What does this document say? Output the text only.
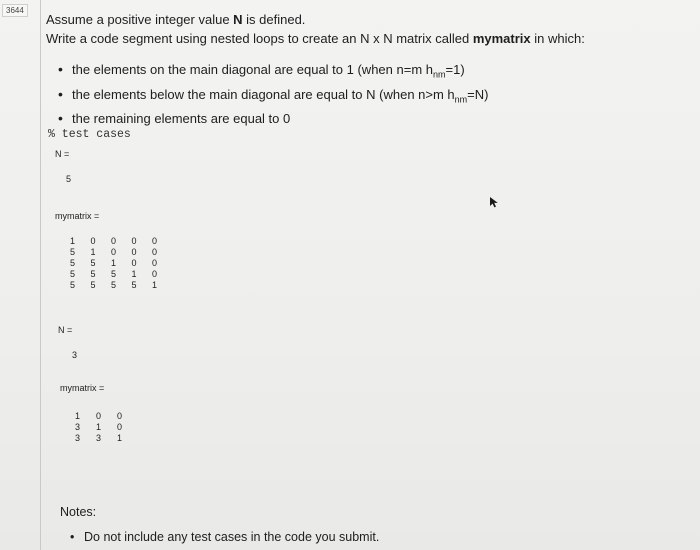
3644
Assume a positive integer value N is defined.
Write a code segment using nested loops to create an N x N matrix called mymatrix in which:
• the elements on the main diagonal are equal to 1 (when n=m $h_{nm}=1$)
• the elements below the main diagonal are equal to N (when n>m $h_{nm}=N$)
• the remaining elements are equal to 0
% test cases
N =
5
mymatrix =
1	0	0	0	0
5	1	0	0	0
5	5	1	0	0
5	5	5	1	0
5	5	5	5	1
N =
3
mymatrix =
1	0	0
3	1	0
3	3	1
Notes:
• Do not include any test cases in the code you submit.
